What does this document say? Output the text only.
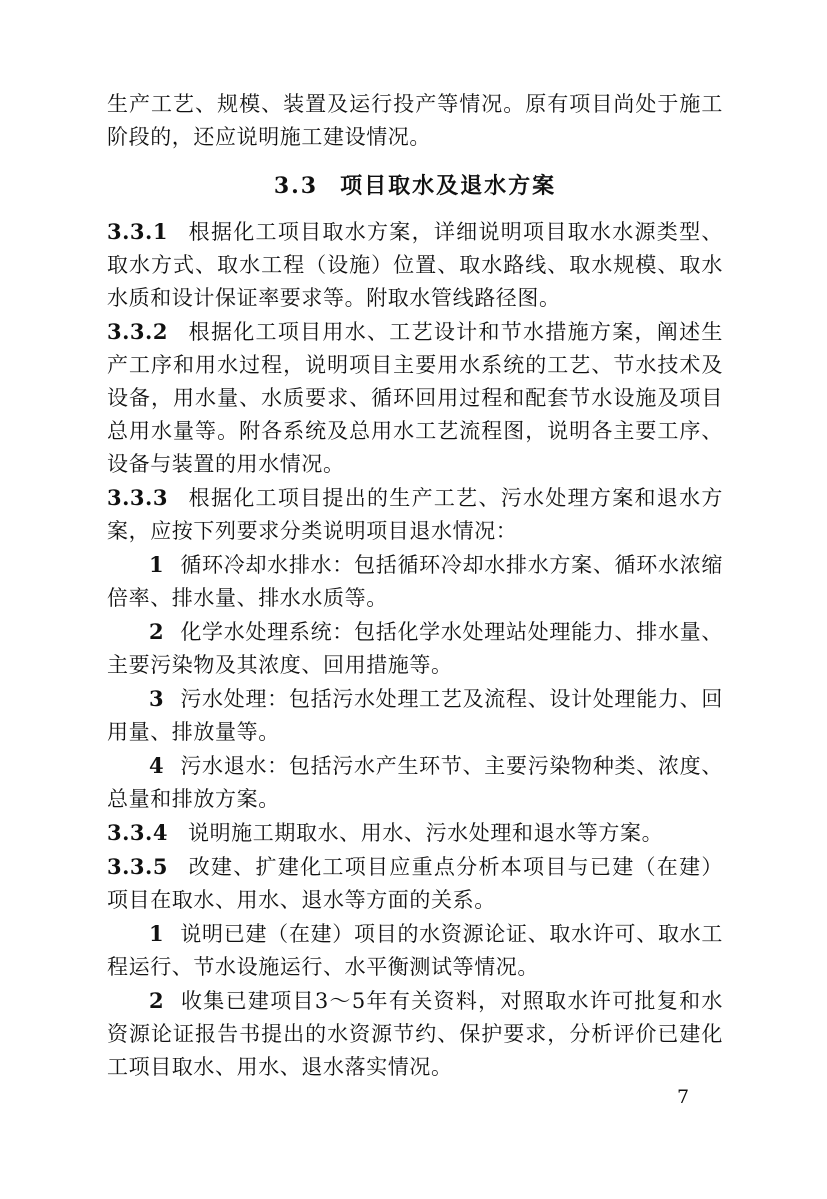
生产工艺、规模、装置及运行投产等情况。原有项目尚处于施工阶段的，还应说明施工建设情况。

3.3 项目取水及退水方案

3.3.1 根据化工项目取水方案，详细说明项目取水水源类型、取水方式、取水工程（设施）位置、取水路线、取水规模、取水水质和设计保证率要求等。附取水管线路径图。

3.3.2 根据化工项目用水、工艺设计和节水措施方案，阐述生产工序和用水过程，说明项目主要用水系统的工艺、节水技术及设备，用水量、水质要求、循环回用过程和配套节水设施及项目总用水量等。附各系统及总用水工艺流程图，说明各主要工序、设备与装置的用水情况。

3.3.3 根据化工项目提出的生产工艺、污水处理方案和退水方案，应按下列要求分类说明项目退水情况：

1 循环冷却水排水：包括循环冷却水排水方案、循环水浓缩倍率、排水量、排水水质等。

2 化学水处理系统：包括化学水处理站处理能力、排水量、主要污染物及其浓度、回用措施等。

3 污水处理：包括污水处理工艺及流程、设计处理能力、回用量、排放量等。

4 污水退水：包括污水产生环节、主要污染物种类、浓度、总量和排放方案。

3.3.4 说明施工期取水、用水、污水处理和退水等方案。

3.3.5 改建、扩建化工项目应重点分析本项目与已建（在建）项目在取水、用水、退水等方面的关系。

1 说明已建（在建）项目的水资源论证、取水许可、取水工程运行、节水设施运行、水平衡测试等情况。

2 收集已建项目3～5年有关资料，对照取水许可批复和水资源论证报告书提出的水资源节约、保护要求，分析评价已建化工项目取水、用水、退水落实情况。

7
